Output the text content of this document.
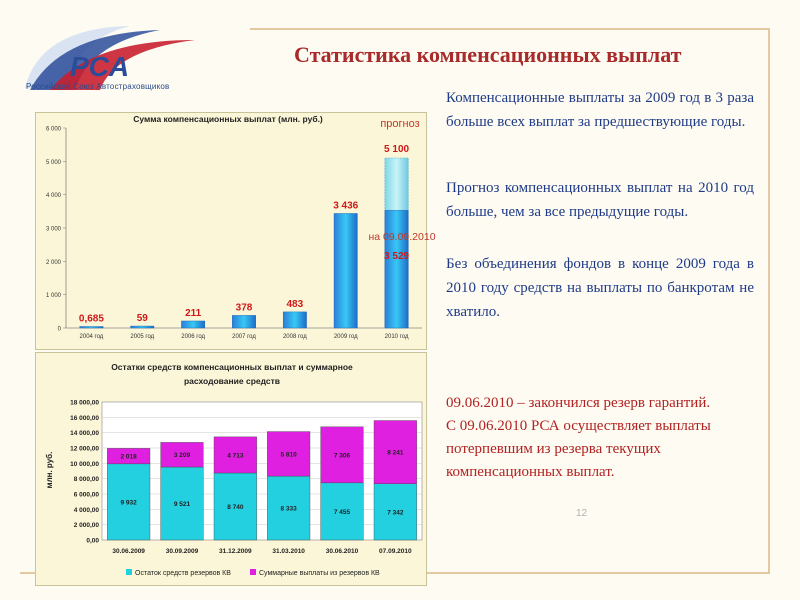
PCA
Российский Союз Автостраховщиков
Статистика компенсационных выплат
Компенсационные выплаты за 2009 год в 3 раза больше всех выплат за предшествующие годы.
Прогноз компенсационных выплат на 2010 год больше, чем за все предыдущие годы.
Без объединения фондов в конце 2009 года в 2010 году средств на выплаты по банкротам не хватило.
09.06.2010 – закончился резерв гарантий.
С 09.06.2010 РСА осуществляет выплаты потерпевшим из резерва текущих компенсационных выплат.
12
Сумма компенсационных выплат (млн. руб.)
0
1 000
2 000
3 000
4 000
5 000
6 000
0,685	59	211
378	483
3 436
5 100
3 529
2004 год	2005 год	2006 год	2007 год	2008 год	2009 год	2010 год
прогноз
на 09.09.2010
Остатки средств компенсационных выплат и суммарное
расходование средств
млн. руб.
0,00
2 000,00
4 000,00
6 000,00
8 000,00
10 000,00
12 000,00
14 000,00
16 000,00
18 000,00
9 932
2 018
9 521
3 209
8 740
4 713
8 333
5 810
7 455
7 306
7 342
8 241
30.06.2009	30.09.2009	31.12.2009	31.03.2010	30.06.2010	07.09.2010
Остаток средств резервов КВ	Суммарные выплаты из резервов КВ
